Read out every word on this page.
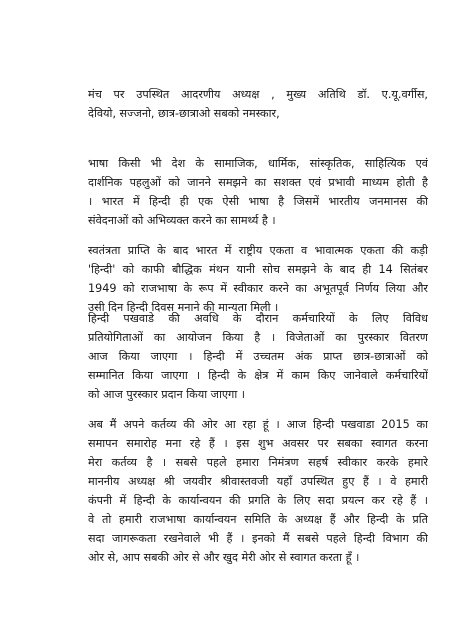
मंच पर उपस्थित आदरणीय अध्यक्ष , मुख्य अतिथि डॉ. ए.यू.वर्गीस,
देवियो, सज्जनो, छात्र-छात्राओ सबको नमस्कार,

भाषा किसी भी देश के सामाजिक, धार्मिक, सांस्कृतिक, साहित्यिक एवं
दार्शनिक पहलुओं को जानने समझने का सशक्त एवं प्रभावी माध्यम होती है
। भारत में हिन्दी ही एक ऐसी भाषा है जिसमें भारतीय जनमानस की
संवेदनाओं को अभिव्यक्त करने का सामर्थ्य है ।

स्वतंत्रता प्राप्ति के बाद भारत में राष्ट्रीय एकता व भावात्मक एकता की कड़ी
'हिन्दी' को काफी बौद्धिक मंथन यानी सोच समझने के बाद ही 14 सितंबर
1949 को राजभाषा के रूप में स्वीकार करने का अभूतपूर्व निर्णय लिया और
उसी दिन हिन्दी दिवस मनाने की मान्यता मिली ।

हिन्दी पखवाडे की अवधि के दौरान कर्मचारियों के लिए विविध
प्रतियोगिताओं का आयोजन किया है । विजेताओं का पुरस्कार वितरण
आज किया जाएगा । हिन्दी में उच्चतम अंक प्राप्त छात्र-छात्राओं को
सम्मानित किया जाएगा । हिन्दी के क्षेत्र में काम किए जानेवाले कर्मचारियों
को आज पुरस्कार प्रदान किया जाएगा ।

अब मैं अपने कर्तव्य की ओर आ रहा हूं । आज हिन्दी पखवाडा 2015 का
समापन समारोह मना रहे हैं । इस शुभ अवसर पर सबका स्वागत करना
मेरा कर्तव्य है । सबसे पहले हमारा निमंत्रण सहर्ष स्वीकार करके हमारे
माननीय अध्यक्ष श्री जयवीर श्रीवास्तवजी यहाँ उपस्थित हुए हैं । वे हमारी
कंपनी में हिन्दी के कार्यान्वयन की प्रगति के लिए सदा प्रयत्न कर रहे हैं ।
वे तो हमारी राजभाषा कार्यान्वयन समिति के अध्यक्ष हैं और हिन्दी के प्रति
सदा जागरूकता रखनेवाले भी हैं । इनको मैं सबसे पहले हिन्दी विभाग की
ओर से, आप सबकी ओर से और खुद मेरी ओर से स्वागत करता हूँ ।
